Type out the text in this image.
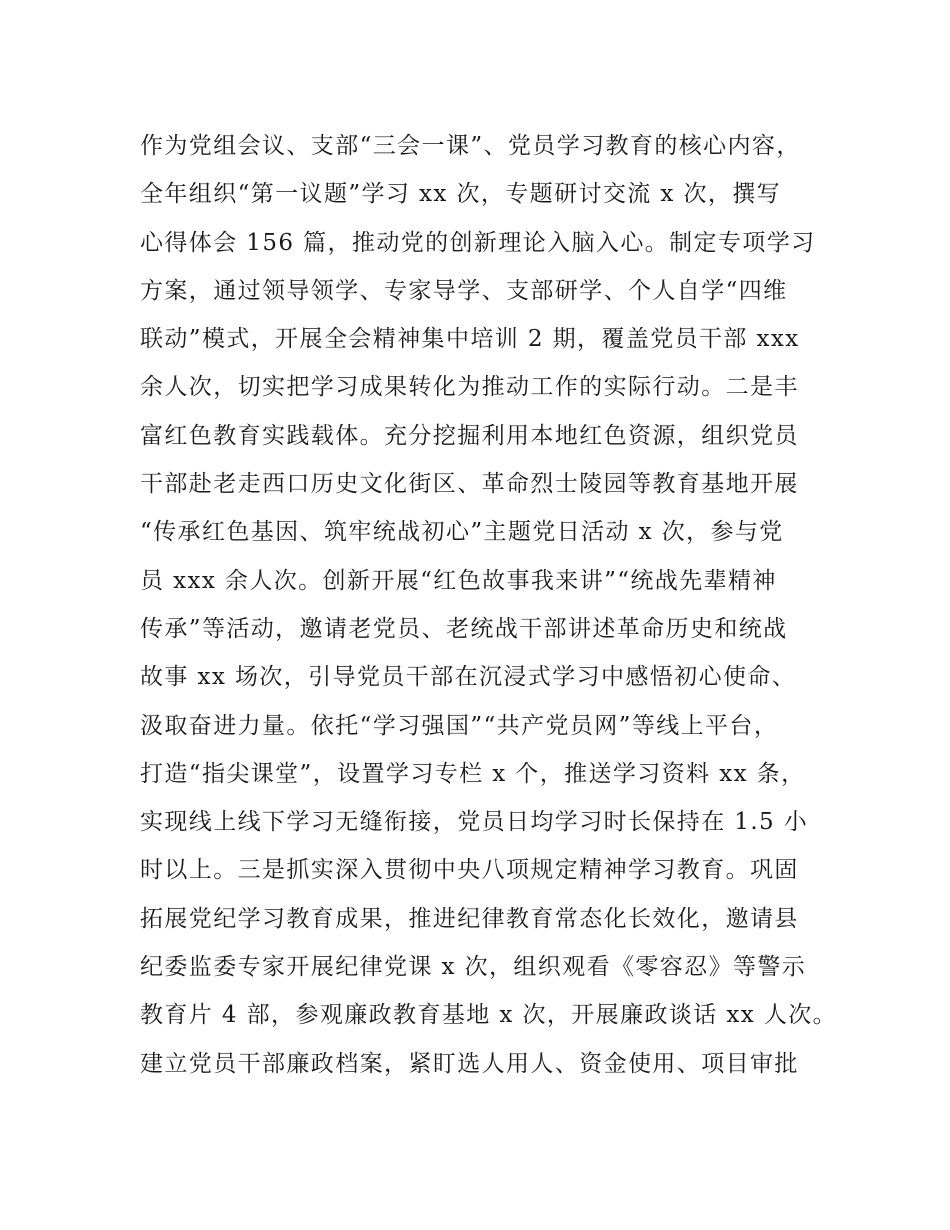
作为党组会议、支部“三会一课”、党员学习教育的核心内容，
全年组织“第一议题”学习 xx 次，专题研讨交流 x 次，撰写
心得体会 156 篇，推动党的创新理论入脑入心。制定专项学习
方案，通过领导领学、专家导学、支部研学、个人自学“四维
联动”模式，开展全会精神集中培训 2 期，覆盖党员干部 xxx
余人次，切实把学习成果转化为推动工作的实际行动。二是丰
富红色教育实践载体。充分挖掘利用本地红色资源，组织党员
干部赴老走西口历史文化街区、革命烈士陵园等教育基地开展
“传承红色基因、筑牢统战初心”主题党日活动 x 次，参与党
员 xxx 余人次。创新开展“红色故事我来讲”“统战先辈精神
传承”等活动，邀请老党员、老统战干部讲述革命历史和统战
故事 xx 场次，引导党员干部在沉浸式学习中感悟初心使命、
汲取奋进力量。依托“学习强国”“共产党员网”等线上平台，
打造“指尖课堂”，设置学习专栏 x 个，推送学习资料 xx 条，
实现线上线下学习无缝衔接，党员日均学习时长保持在 1.5 小
时以上。三是抓实深入贯彻中央八项规定精神学习教育。巩固
拓展党纪学习教育成果，推进纪律教育常态化长效化，邀请县
纪委监委专家开展纪律党课 x 次，组织观看《零容忍》等警示
教育片 4 部，参观廉政教育基地 x 次，开展廉政谈话 xx 人次。
建立党员干部廉政档案，紧盯选人用人、资金使用、项目审批
